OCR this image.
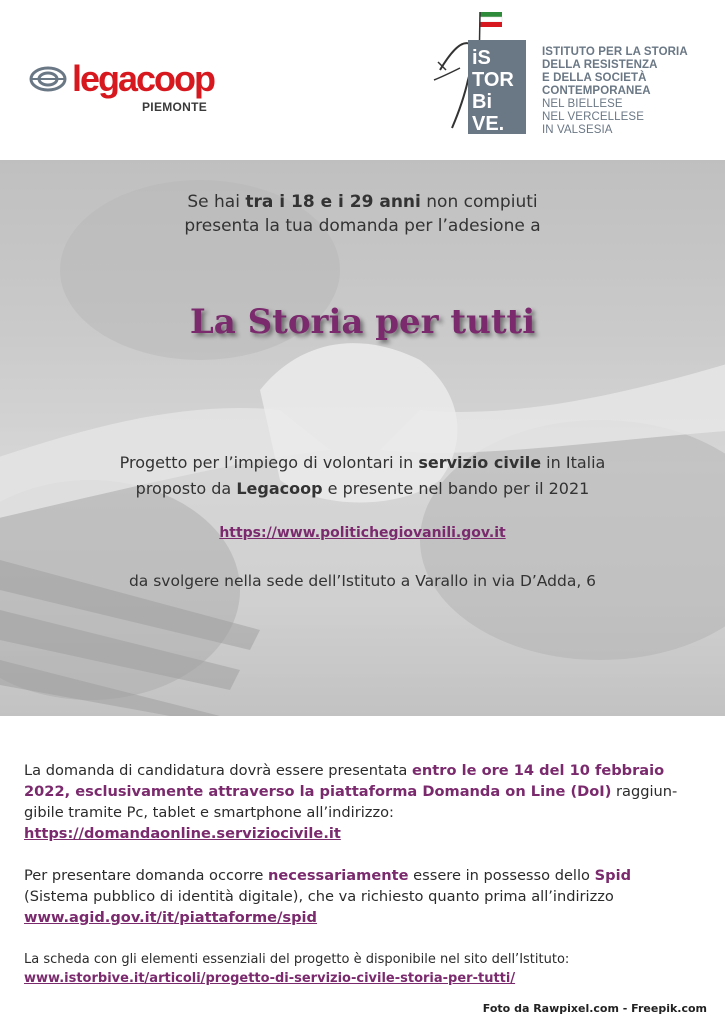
legacoop
PIEMONTE
iS
TOR
Bi
VE.
ISTITUTO PER LA STORIA
DELLA RESISTENZA
E DELLA SOCIETÀ
CONTEMPORANEA
NEL BIELLESE
NEL VERCELLESE
IN VALSESIA
Se hai tra i 18 e i 29 anni non compiuti
presenta la tua domanda per l’adesione a
La Storia per tutti
Progetto per l’impiego di volontari in servizio civile in Italia
proposto da Legacoop e presente nel bando per il 2021
https://www.politichegiovanili.gov.it
da svolgere nella sede dell’Istituto a Varallo in via D’Adda, 6
La domanda di candidatura dovrà essere presentata entro le ore 14 del 10 febbraio 2022, esclusivamente attraverso la piattaforma Domanda on Line (DoI) raggiun-gibile tramite Pc, tablet e smartphone all’indirizzo:
https://domandaonline.serviziocivile.it
Per presentare domanda occorre necessariamente essere in possesso dello Spid
(Sistema pubblico di identità digitale), che va richiesto quanto prima all’indirizzo www.agid.gov.it/it/piattaforme/spid
La scheda con gli elementi essenziali del progetto è disponibile nel sito dell’Istituto:
www.istorbive.it/articoli/progetto-di-servizio-civile-storia-per-tutti/
Foto da Rawpixel.com - Freepik.com
